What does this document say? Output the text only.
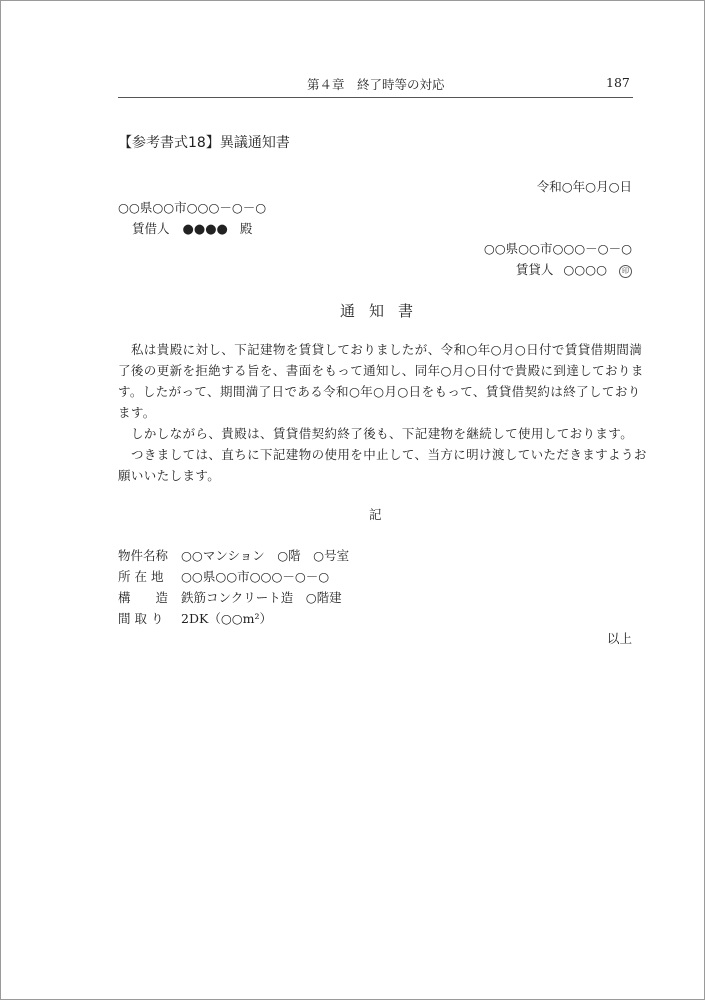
第４章　終了時等の対応	187
【参考書式18】異議通知書
令和○年○月○日
○○県○○市○○○－○－○
賃借人 ●●●● 殿
○○県○○市○○○－○－○
賃貸人 ○○○○ 印
通知書
私は貴殿に対し、下記建物を賃貸しておりましたが、令和○年○月○日付で賃貸借期間満
了後の更新を拒絶する旨を、書面をもって通知し、同年○月○日付で貴殿に到達しておりま
す。したがって、期間満了日である令和○年○月○日をもって、賃貸借契約は終了しており
ます。
しかしながら、貴殿は、賃貸借契約終了後も、下記建物を継続して使用しております。
つきましては、直ちに下記建物の使用を中止して、当方に明け渡していただきますようお
願いいたします。
記
物件名称 ○○マンション　○階　○号室
所 在 地 ○○県○○市○○○－○－○
構　　造 鉄筋コンクリート造　○階建
間 取 り 2DK（○○m²）
以上
